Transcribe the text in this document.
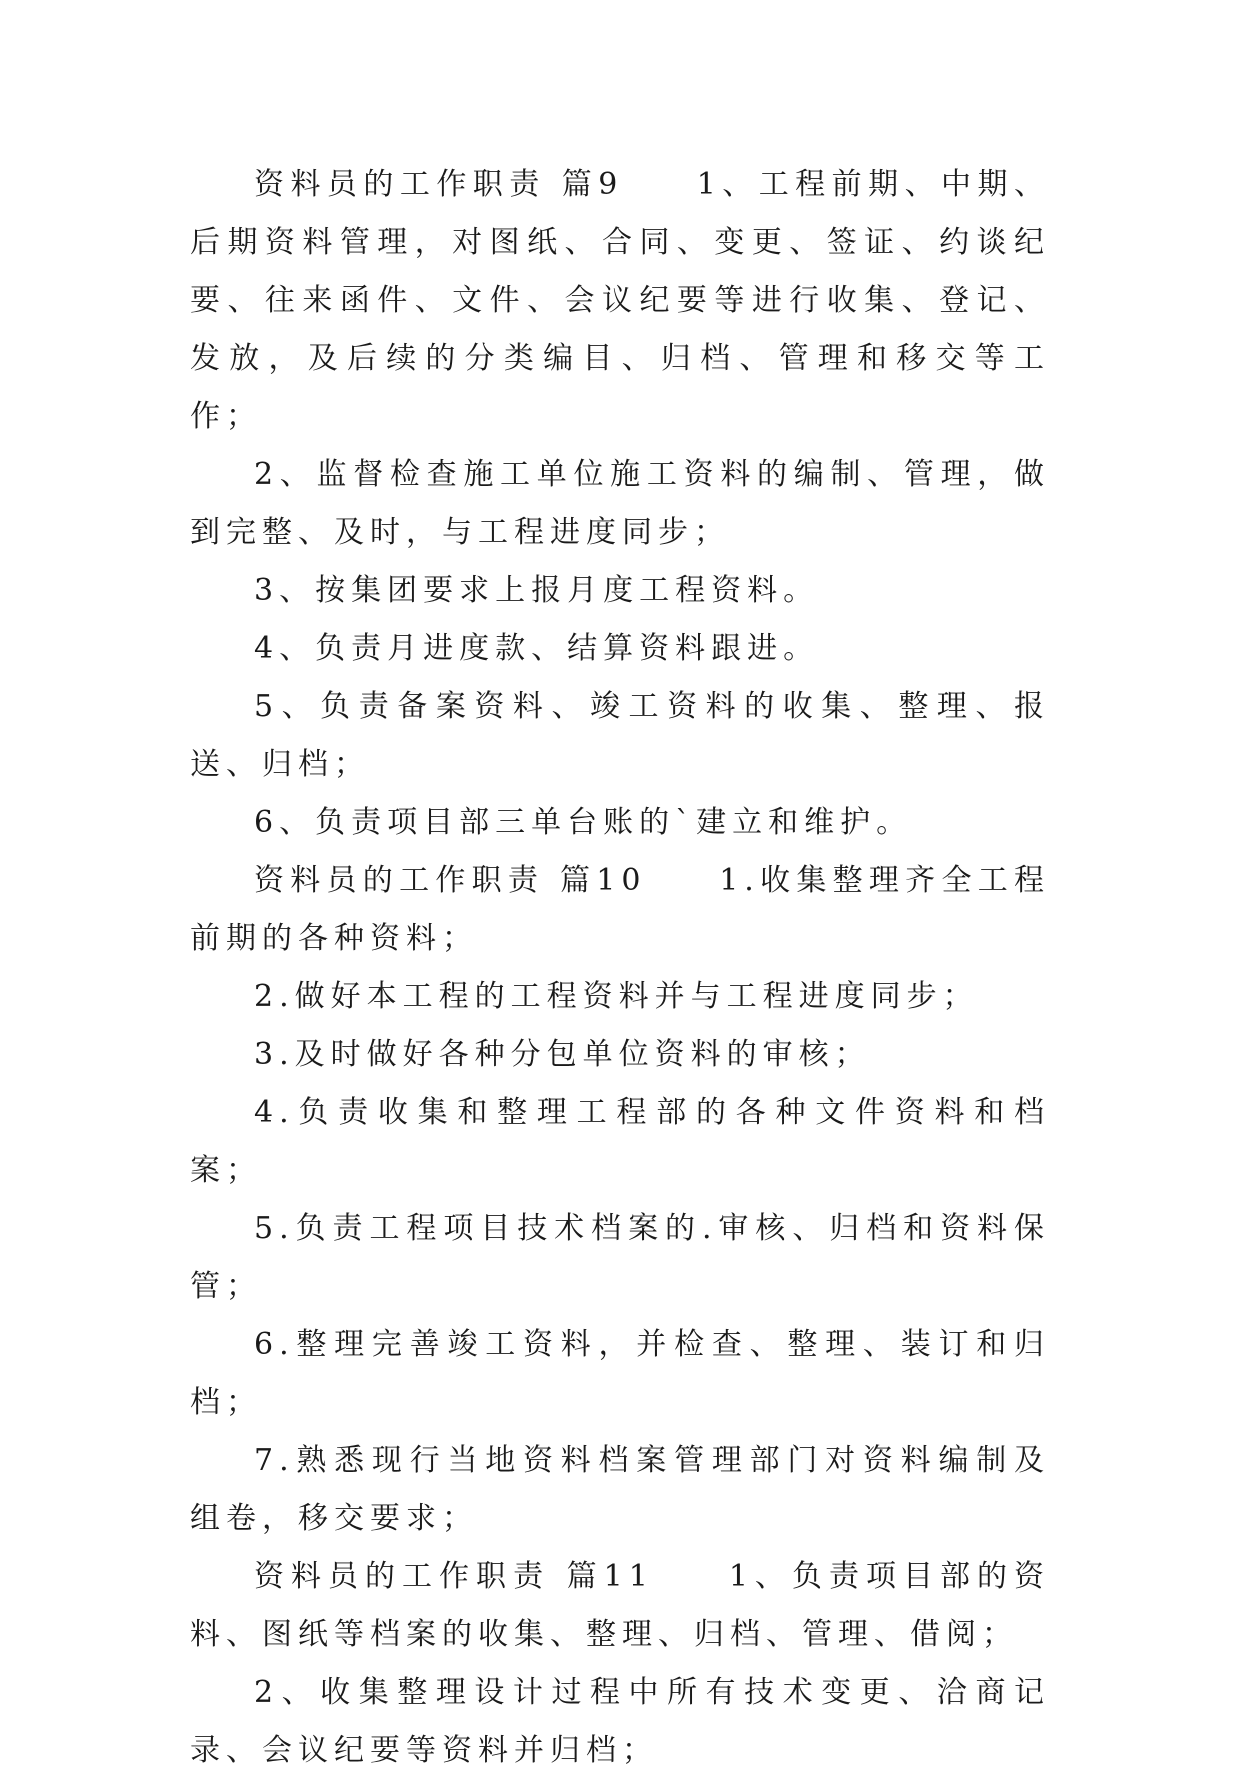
资料员的工作职责 篇9　　1、工程前期、中期、后期资料管理，对图纸、合同、变更、签证、约谈纪要、往来函件、文件、会议纪要等进行收集、登记、发放，及后续的分类编目、归档、管理和移交等工作；

2、监督检查施工单位施工资料的编制、管理，做到完整、及时，与工程进度同步；

3、按集团要求上报月度工程资料。

4、负责月进度款、结算资料跟进。

5、负责备案资料、竣工资料的收集、整理、报送、归档；

6、负责项目部三单台账的`建立和维护。

资料员的工作职责 篇10　　1.收集整理齐全工程前期的各种资料；

2.做好本工程的工程资料并与工程进度同步；

3.及时做好各种分包单位资料的审核；

4.负责收集和整理工程部的各种文件资料和档案；

5.负责工程项目技术档案的.审核、归档和资料保管；

6.整理完善竣工资料，并检查、整理、装订和归档；

7.熟悉现行当地资料档案管理部门对资料编制及组卷，移交要求；

资料员的工作职责 篇11　　1、负责项目部的资料、图纸等档案的收集、整理、归档、管理、借阅；

2、收集整理设计过程中所有技术变更、洽商记录、会议纪要等资料并归档；
